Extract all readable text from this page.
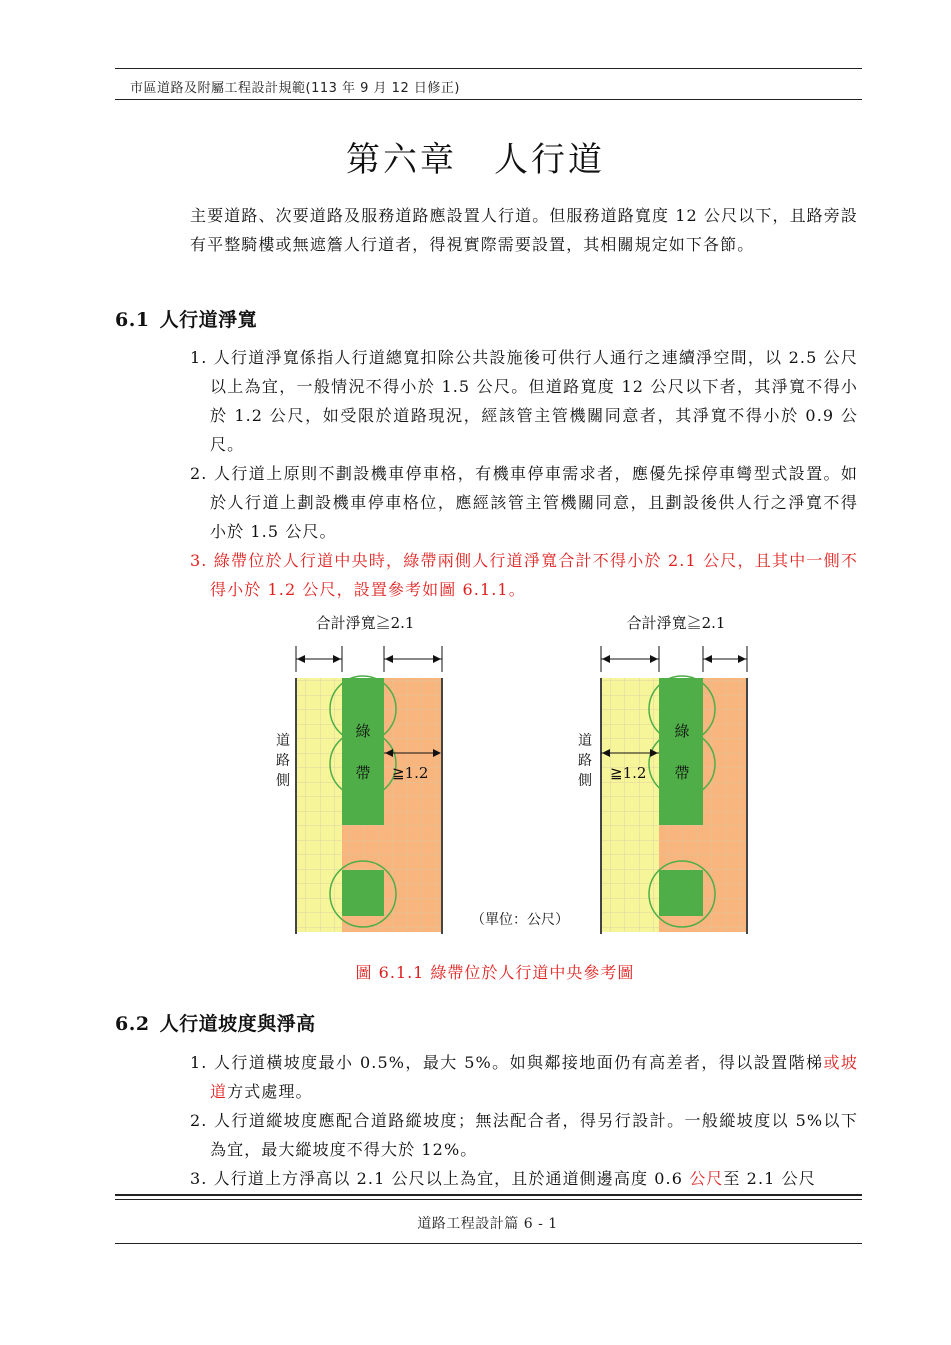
市區道路及附屬工程設計規範(113 年 9 月 12 日修正)
第六章　人行道

主要道路、次要道路及服務道路應設置人行道。但服務道路寬度 12 公尺以下，且路旁設有平整騎樓或無遮簷人行道者，得視實際需要設置，其相關規定如下各節。

6.1 人行道淨寬
1. 人行道淨寬係指人行道總寬扣除公共設施後可供行人通行之連續淨空間，以 2.5 公尺以上為宜，一般情況不得小於 1.5 公尺。但道路寬度 12 公尺以下者，其淨寬不得小於 1.2 公尺，如受限於道路現況，經該管主管機關同意者，其淨寬不得小於 0.9 公尺。
2. 人行道上原則不劃設機車停車格，有機車停車需求者，應優先採停車彎型式設置。如於人行道上劃設機車停車格位，應經該管主管機關同意，且劃設後供人行之淨寬不得小於 1.5 公尺。
3. 綠帶位於人行道中央時，綠帶兩側人行道淨寬合計不得小於 2.1 公尺，且其中一側不得小於 1.2 公尺，設置參考如圖 6.1.1。
綠
帶
道
路
側	≧1.2
合計淨寬≧2.1
綠
帶
道
路
側 ≧1.2
合計淨寬≧2.1
（單位：公尺）
圖 6.1.1 綠帶位於人行道中央參考圖
6.2 人行道坡度與淨高
1. 人行道橫坡度最小 0.5%，最大 5%。如與鄰接地面仍有高差者，得以設置階梯或坡道方式處理。
2. 人行道縱坡度應配合道路縱坡度；無法配合者，得另行設計。一般縱坡度以 5%以下為宜，最大縱坡度不得大於 12%。
3. 人行道上方淨高以 2.1 公尺以上為宜，且於通道側邊高度 0.6 公尺至 2.1 公尺
道路工程設計篇 6 - 1
